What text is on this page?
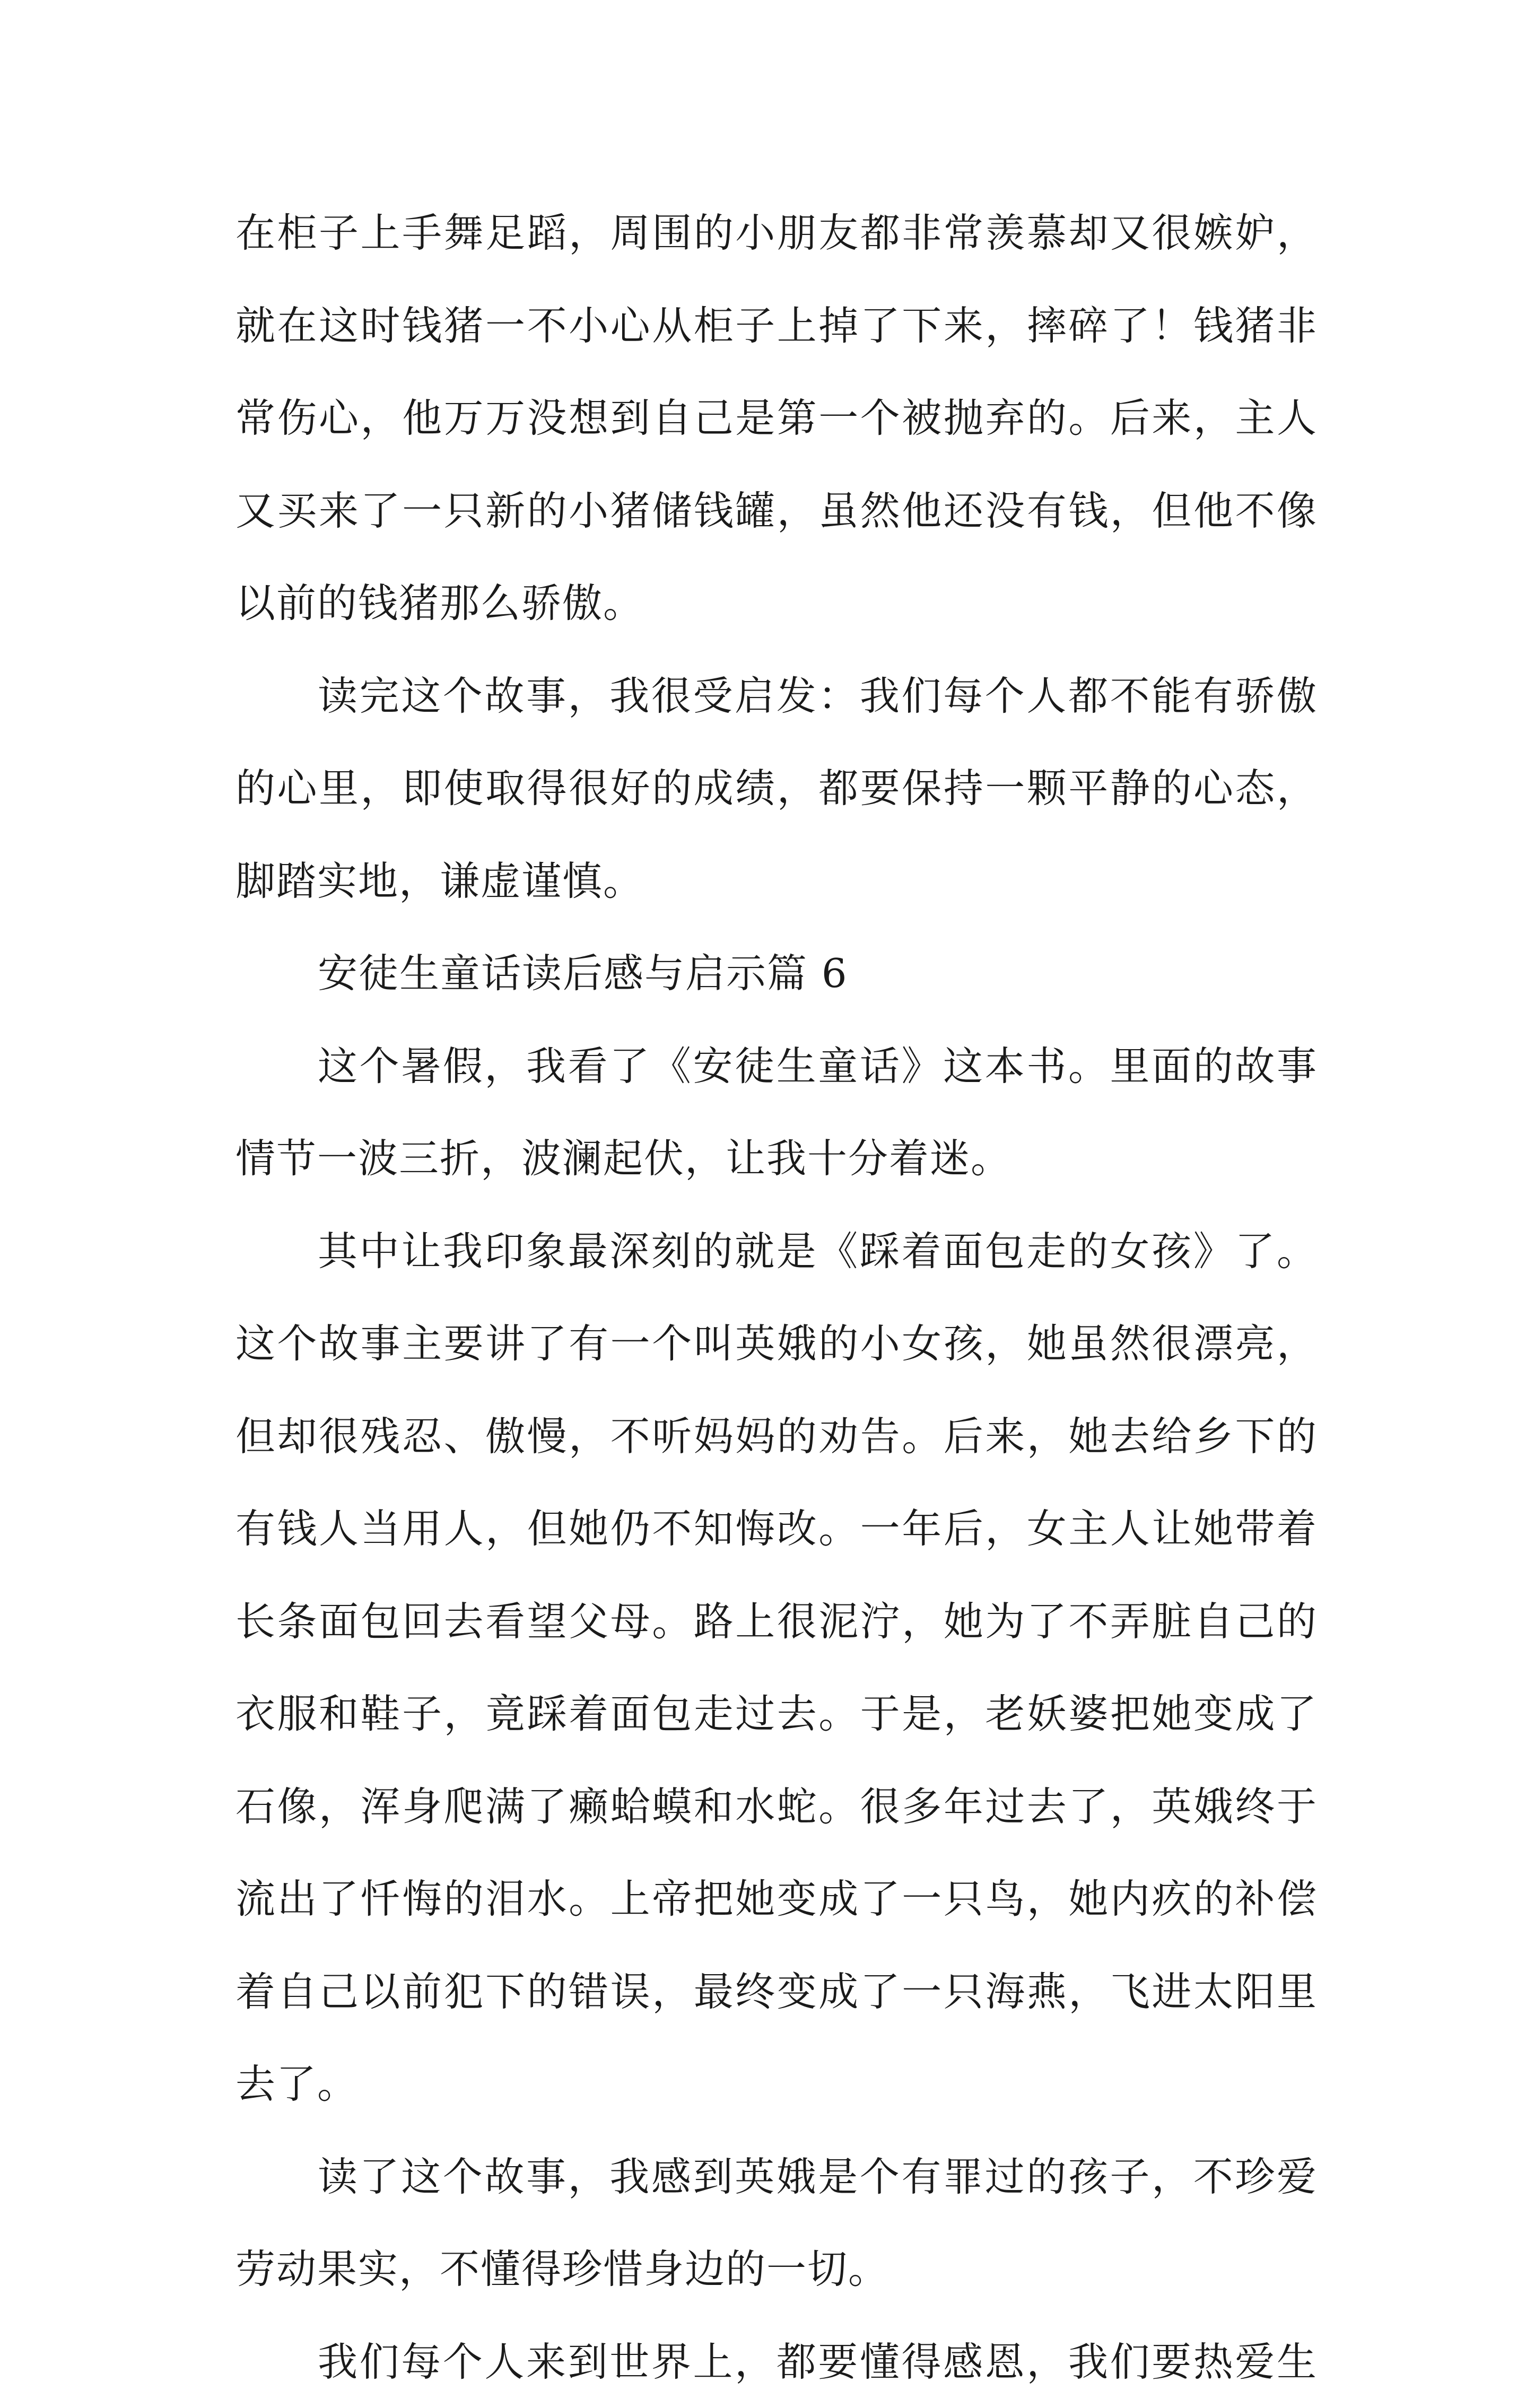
在柜子上手舞足蹈，周围的小朋友都非常羡慕却又很嫉妒，
就在这时钱猪一不小心从柜子上掉了下来，摔碎了！钱猪非
常伤心，他万万没想到自己是第一个被抛弃的。后来，主人
又买来了一只新的小猪储钱罐，虽然他还没有钱，但他不像
以前的钱猪那么骄傲。
读完这个故事，我很受启发：我们每个人都不能有骄傲
的心里，即使取得很好的成绩，都要保持一颗平静的心态，
脚踏实地，谦虚谨慎。
安徒生童话读后感与启示篇 6
这个暑假，我看了《安徒生童话》这本书。里面的故事
情节一波三折，波澜起伏，让我十分着迷。
其中让我印象最深刻的就是《踩着面包走的女孩》了。
这个故事主要讲了有一个叫英娥的小女孩，她虽然很漂亮，
但却很残忍、傲慢，不听妈妈的劝告。后来，她去给乡下的
有钱人当用人，但她仍不知悔改。一年后，女主人让她带着
长条面包回去看望父母。路上很泥泞，她为了不弄脏自己的
衣服和鞋子，竟踩着面包走过去。于是，老妖婆把她变成了
石像，浑身爬满了癞蛤蟆和水蛇。很多年过去了，英娥终于
流出了忏悔的泪水。上帝把她变成了一只鸟，她内疚的补偿
着自己以前犯下的错误，最终变成了一只海燕，飞进太阳里
去了。
读了这个故事，我感到英娥是个有罪过的孩子，不珍爱
劳动果实，不懂得珍惜身边的一切。
我们每个人来到世界上，都要懂得感恩，我们要热爱生
